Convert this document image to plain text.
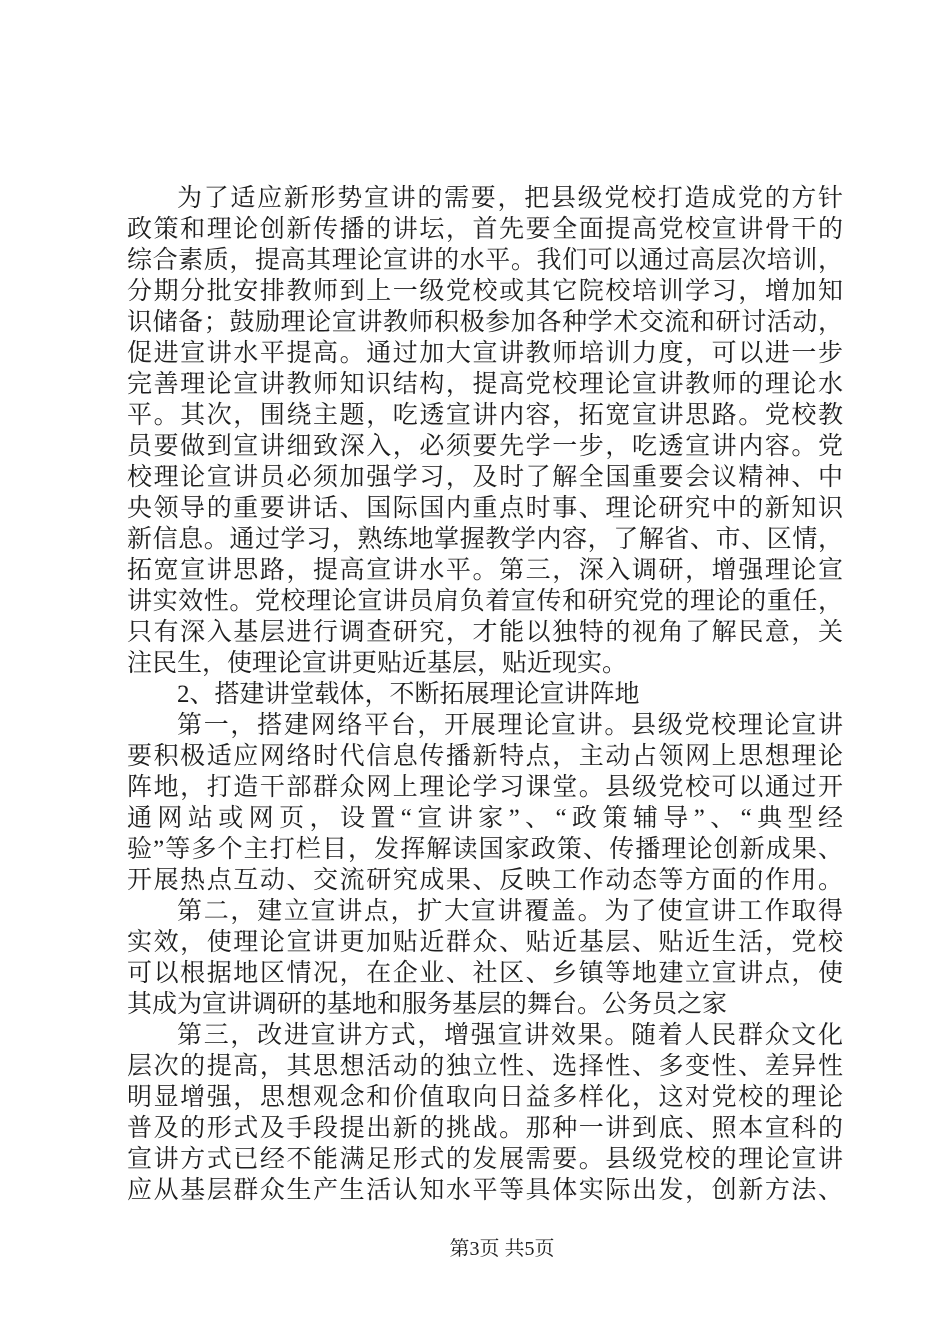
为了适应新形势宣讲的需要，把县级党校打造成党的方针
政策和理论创新传播的讲坛，首先要全面提高党校宣讲骨干的
综合素质，提高其理论宣讲的水平。我们可以通过高层次培训，
分期分批安排教师到上一级党校或其它院校培训学习，增加知
识储备；鼓励理论宣讲教师积极参加各种学术交流和研讨活动，
促进宣讲水平提高。通过加大宣讲教师培训力度，可以进一步
完善理论宣讲教师知识结构，提高党校理论宣讲教师的理论水
平。其次，围绕主题，吃透宣讲内容，拓宽宣讲思路。党校教
员要做到宣讲细致深入，必须要先学一步，吃透宣讲内容。党
校理论宣讲员必须加强学习，及时了解全国重要会议精神、中
央领导的重要讲话、国际国内重点时事、理论研究中的新知识
新信息。通过学习，熟练地掌握教学内容，了解省、市、区情，
拓宽宣讲思路，提高宣讲水平。第三，深入调研，增强理论宣
讲实效性。党校理论宣讲员肩负着宣传和研究党的理论的重任，
只有深入基层进行调查研究，才能以独特的视角了解民意，关
注民生，使理论宣讲更贴近基层，贴近现实。
2、搭建讲堂载体，不断拓展理论宣讲阵地
第一，搭建网络平台，开展理论宣讲。县级党校理论宣讲
要积极适应网络时代信息传播新特点，主动占领网上思想理论
阵地，打造干部群众网上理论学习课堂。县级党校可以通过开
通网站或网页，设置“宣讲家”、“政策辅导”、“典型经
验”等多个主打栏目，发挥解读国家政策、传播理论创新成果、
开展热点互动、交流研究成果、反映工作动态等方面的作用。
第二，建立宣讲点，扩大宣讲覆盖。为了使宣讲工作取得
实效，使理论宣讲更加贴近群众、贴近基层、贴近生活，党校
可以根据地区情况，在企业、社区、乡镇等地建立宣讲点，使
其成为宣讲调研的基地和服务基层的舞台。公务员之家
第三，改进宣讲方式，增强宣讲效果。随着人民群众文化
层次的提高，其思想活动的独立性、选择性、多变性、差异性
明显增强，思想观念和价值取向日益多样化，这对党校的理论
普及的形式及手段提出新的挑战。那种一讲到底、照本宣科的
宣讲方式已经不能满足形式的发展需要。县级党校的理论宣讲
应从基层群众生产生活认知水平等具体实际出发，创新方法、
第3页 共5页
